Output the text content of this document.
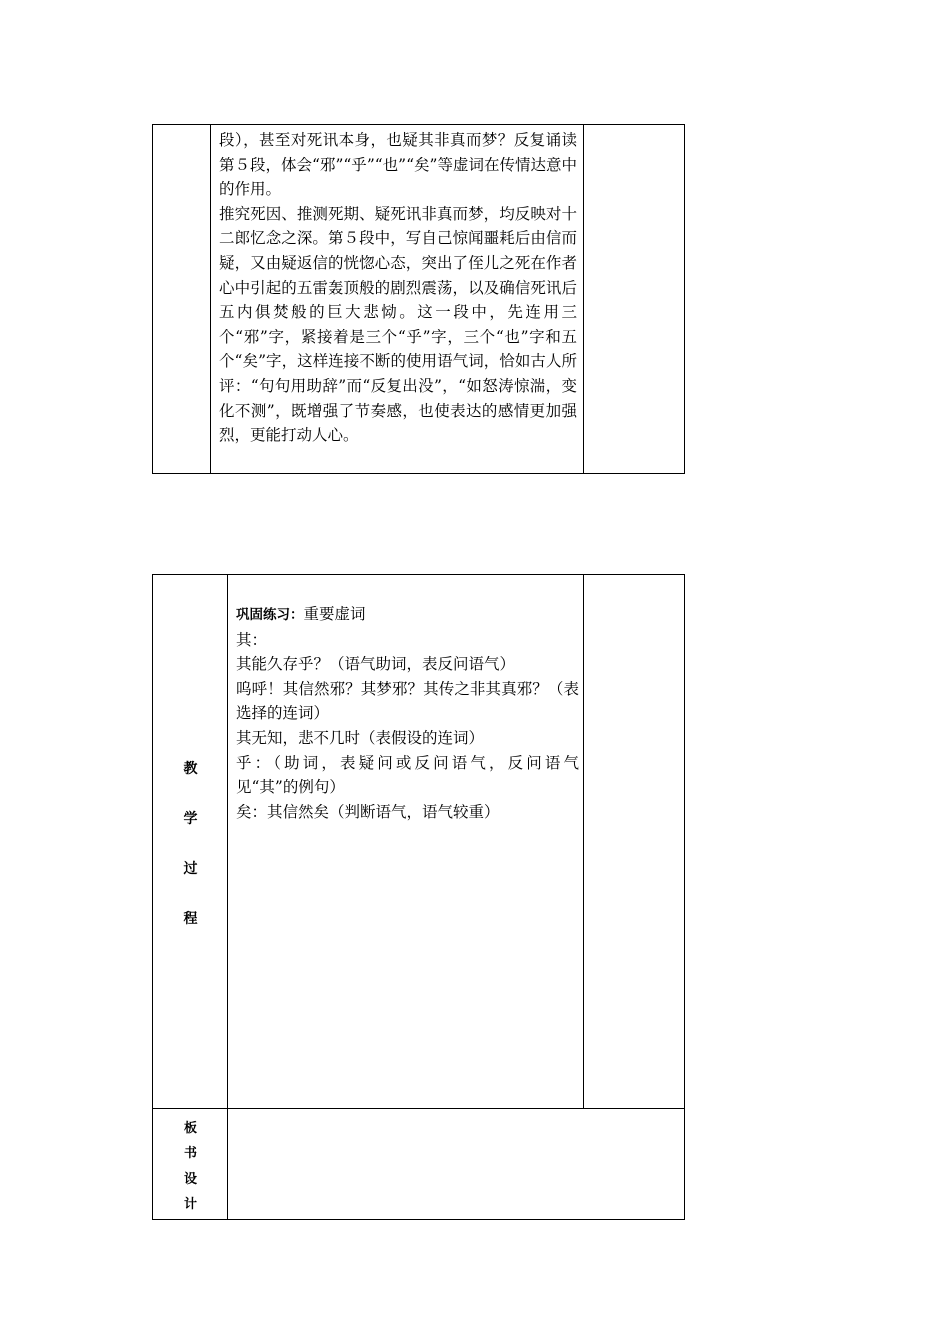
段），甚至对死讯本身，也疑其非真而梦？反复诵读第５段，体会“邪”“乎”“也”“矣”等虚词在传情达意中的作用。

推究死因、推测死期、疑死讯非真而梦，均反映对十二郎忆念之深。第５段中，写自己惊闻噩耗后由信而疑，又由疑返信的恍惚心态，突出了侄儿之死在作者心中引起的五雷轰顶般的剧烈震荡，以及确信死讯后五内俱焚般的巨大悲恸。这一段中，先连用三个“邪”字，紧接着是三个“乎”字，三个“也”字和五个“矣”字，这样连接不断的使用语气词，恰如古人所评：“句句用助辞”而“反复出没”，“如怒涛惊湍，变化不测”，既增强了节奏感，也使表达的感情更加强烈，更能打动人心。

教
学
过
程

巩固练习：重要虚词

其：

其能久存乎？（语气助词，表反问语气）

呜呼！其信然邪？其梦邪？其传之非其真邪？（表选择的连词）

其无知，悲不几时（表假设的连词）

乎：（助词，表疑问或反问语气，反问语气见“其”的例句）

矣：其信然矣（判断语气，语气较重）

板
书
设
计
